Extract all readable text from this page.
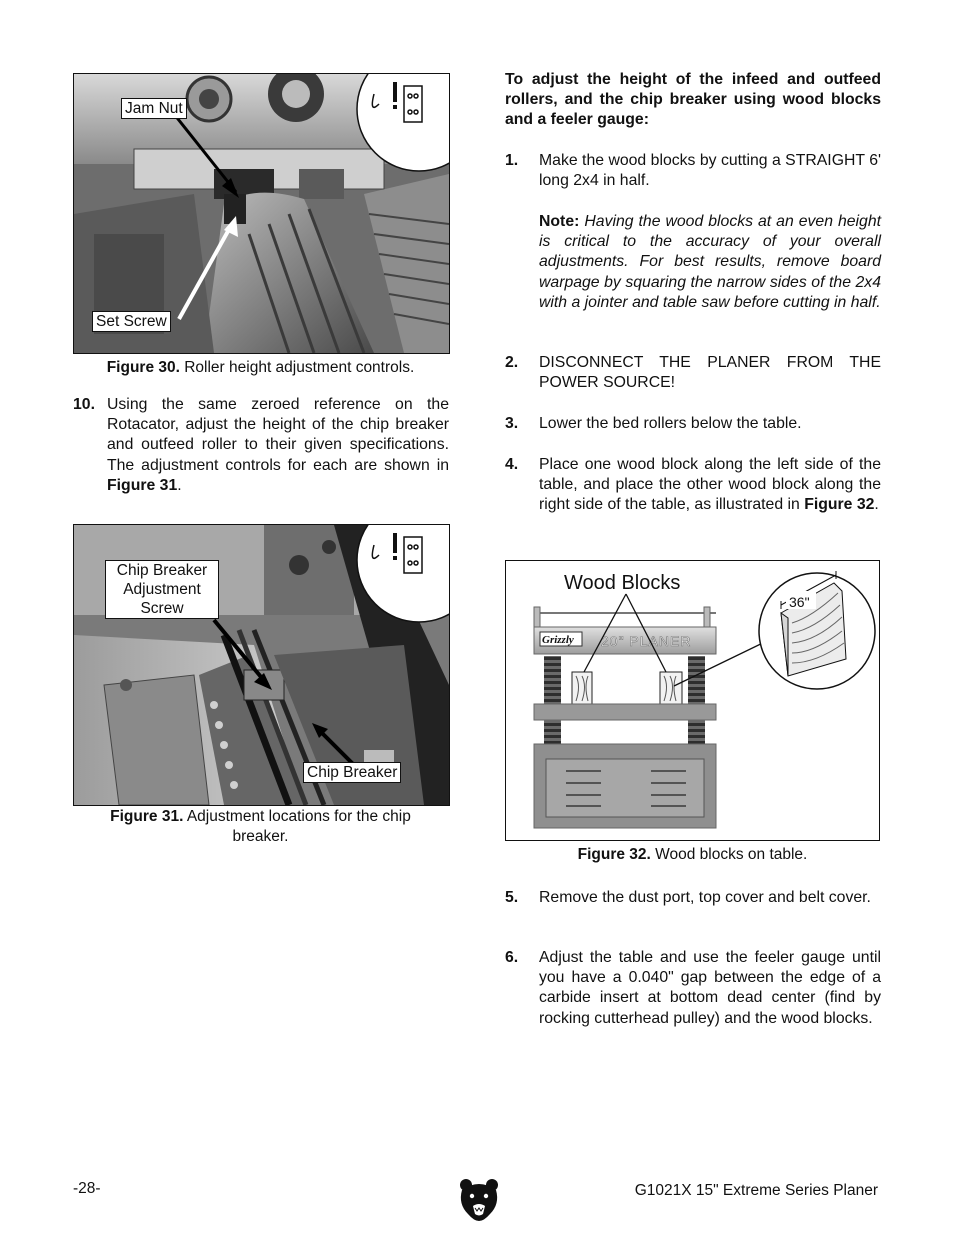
Jam Nut
Set Screw
Figure 30. Roller height adjustment controls.
10. Using the same zeroed reference on the Rotacator, adjust the height of the chip breaker and outfeed roller to their given specifications. The adjustment controls for each are shown in Figure 31.
Chip Breaker
Adjustment
Screw
Chip Breaker
Figure 31. Adjustment locations for the chip
breaker.
To adjust the height of the infeed and outfeed rollers, and the chip breaker using wood blocks and a feeler gauge:
1. Make the wood blocks by cutting a STRAIGHT 6' long 2x4 in half.
Note: Having the wood blocks at an even height is critical to the accuracy of your overall adjustments. For best results, remove board warpage by squaring the narrow sides of the 2x4 with a jointer and table saw before cutting in half.
2. DISCONNECT THE PLANER FROM THE POWER SOURCE!
3. Lower the bed rollers below the table.
4. Place one wood block along the left side of the table, and place the other wood block along the right side of the table, as illustrated in Figure 32.
Grizzly 20" PLANER
Wood Blocks
36"
Figure 32. Wood blocks on table.
5. Remove the dust port, top cover and belt cover.
6. Adjust the table and use the feeler gauge until you have a 0.040" gap between the edge of a carbide insert at bottom dead center (find by rocking cutterhead pulley) and the wood blocks.
-28-	G1021X 15" Extreme Series Planer
